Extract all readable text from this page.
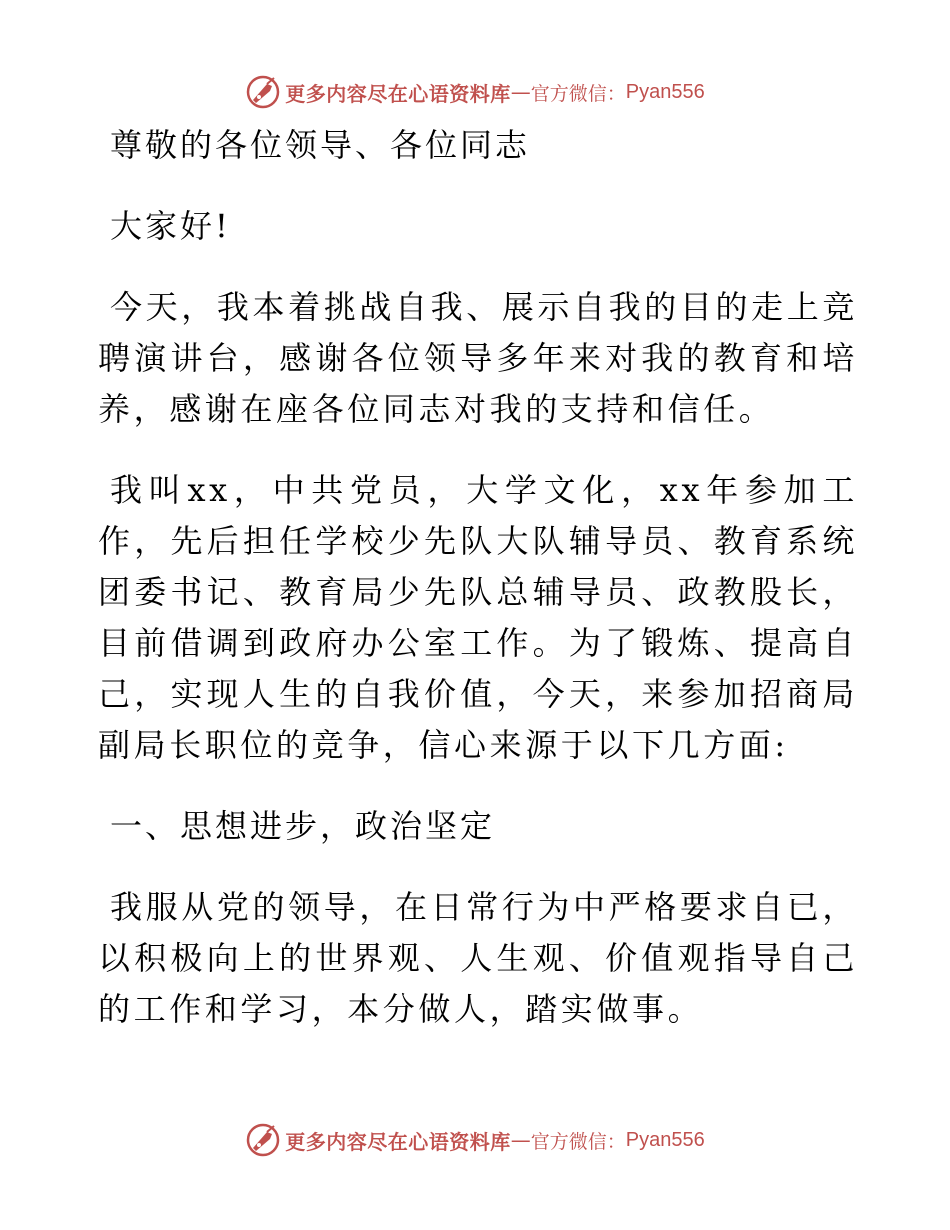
更多内容尽在心语资料库 — 官方微信： Pyan556

尊敬的各位领导、各位同志

大家好!

今天，我本着挑战自我、展示自我的目的走上竞聘演讲台，感谢各位领导多年来对我的教育和培养，感谢在座各位同志对我的支持和信任。

我叫xx，中共党员，大学文化，xx年参加工作，先后担任学校少先队大队辅导员、教育系统团委书记、教育局少先队总辅导员、政教股长，目前借调到政府办公室工作。为了锻炼、提高自己，实现人生的自我价值，今天，来参加招商局副局长职位的竞争，信心来源于以下几方面:

一、思想进步，政治坚定

我服从党的领导，在日常行为中严格要求自已，以积极向上的世界观、人生观、价值观指导自己的工作和学习，本分做人，踏实做事。

更多内容尽在心语资料库 — 官方微信： Pyan556
